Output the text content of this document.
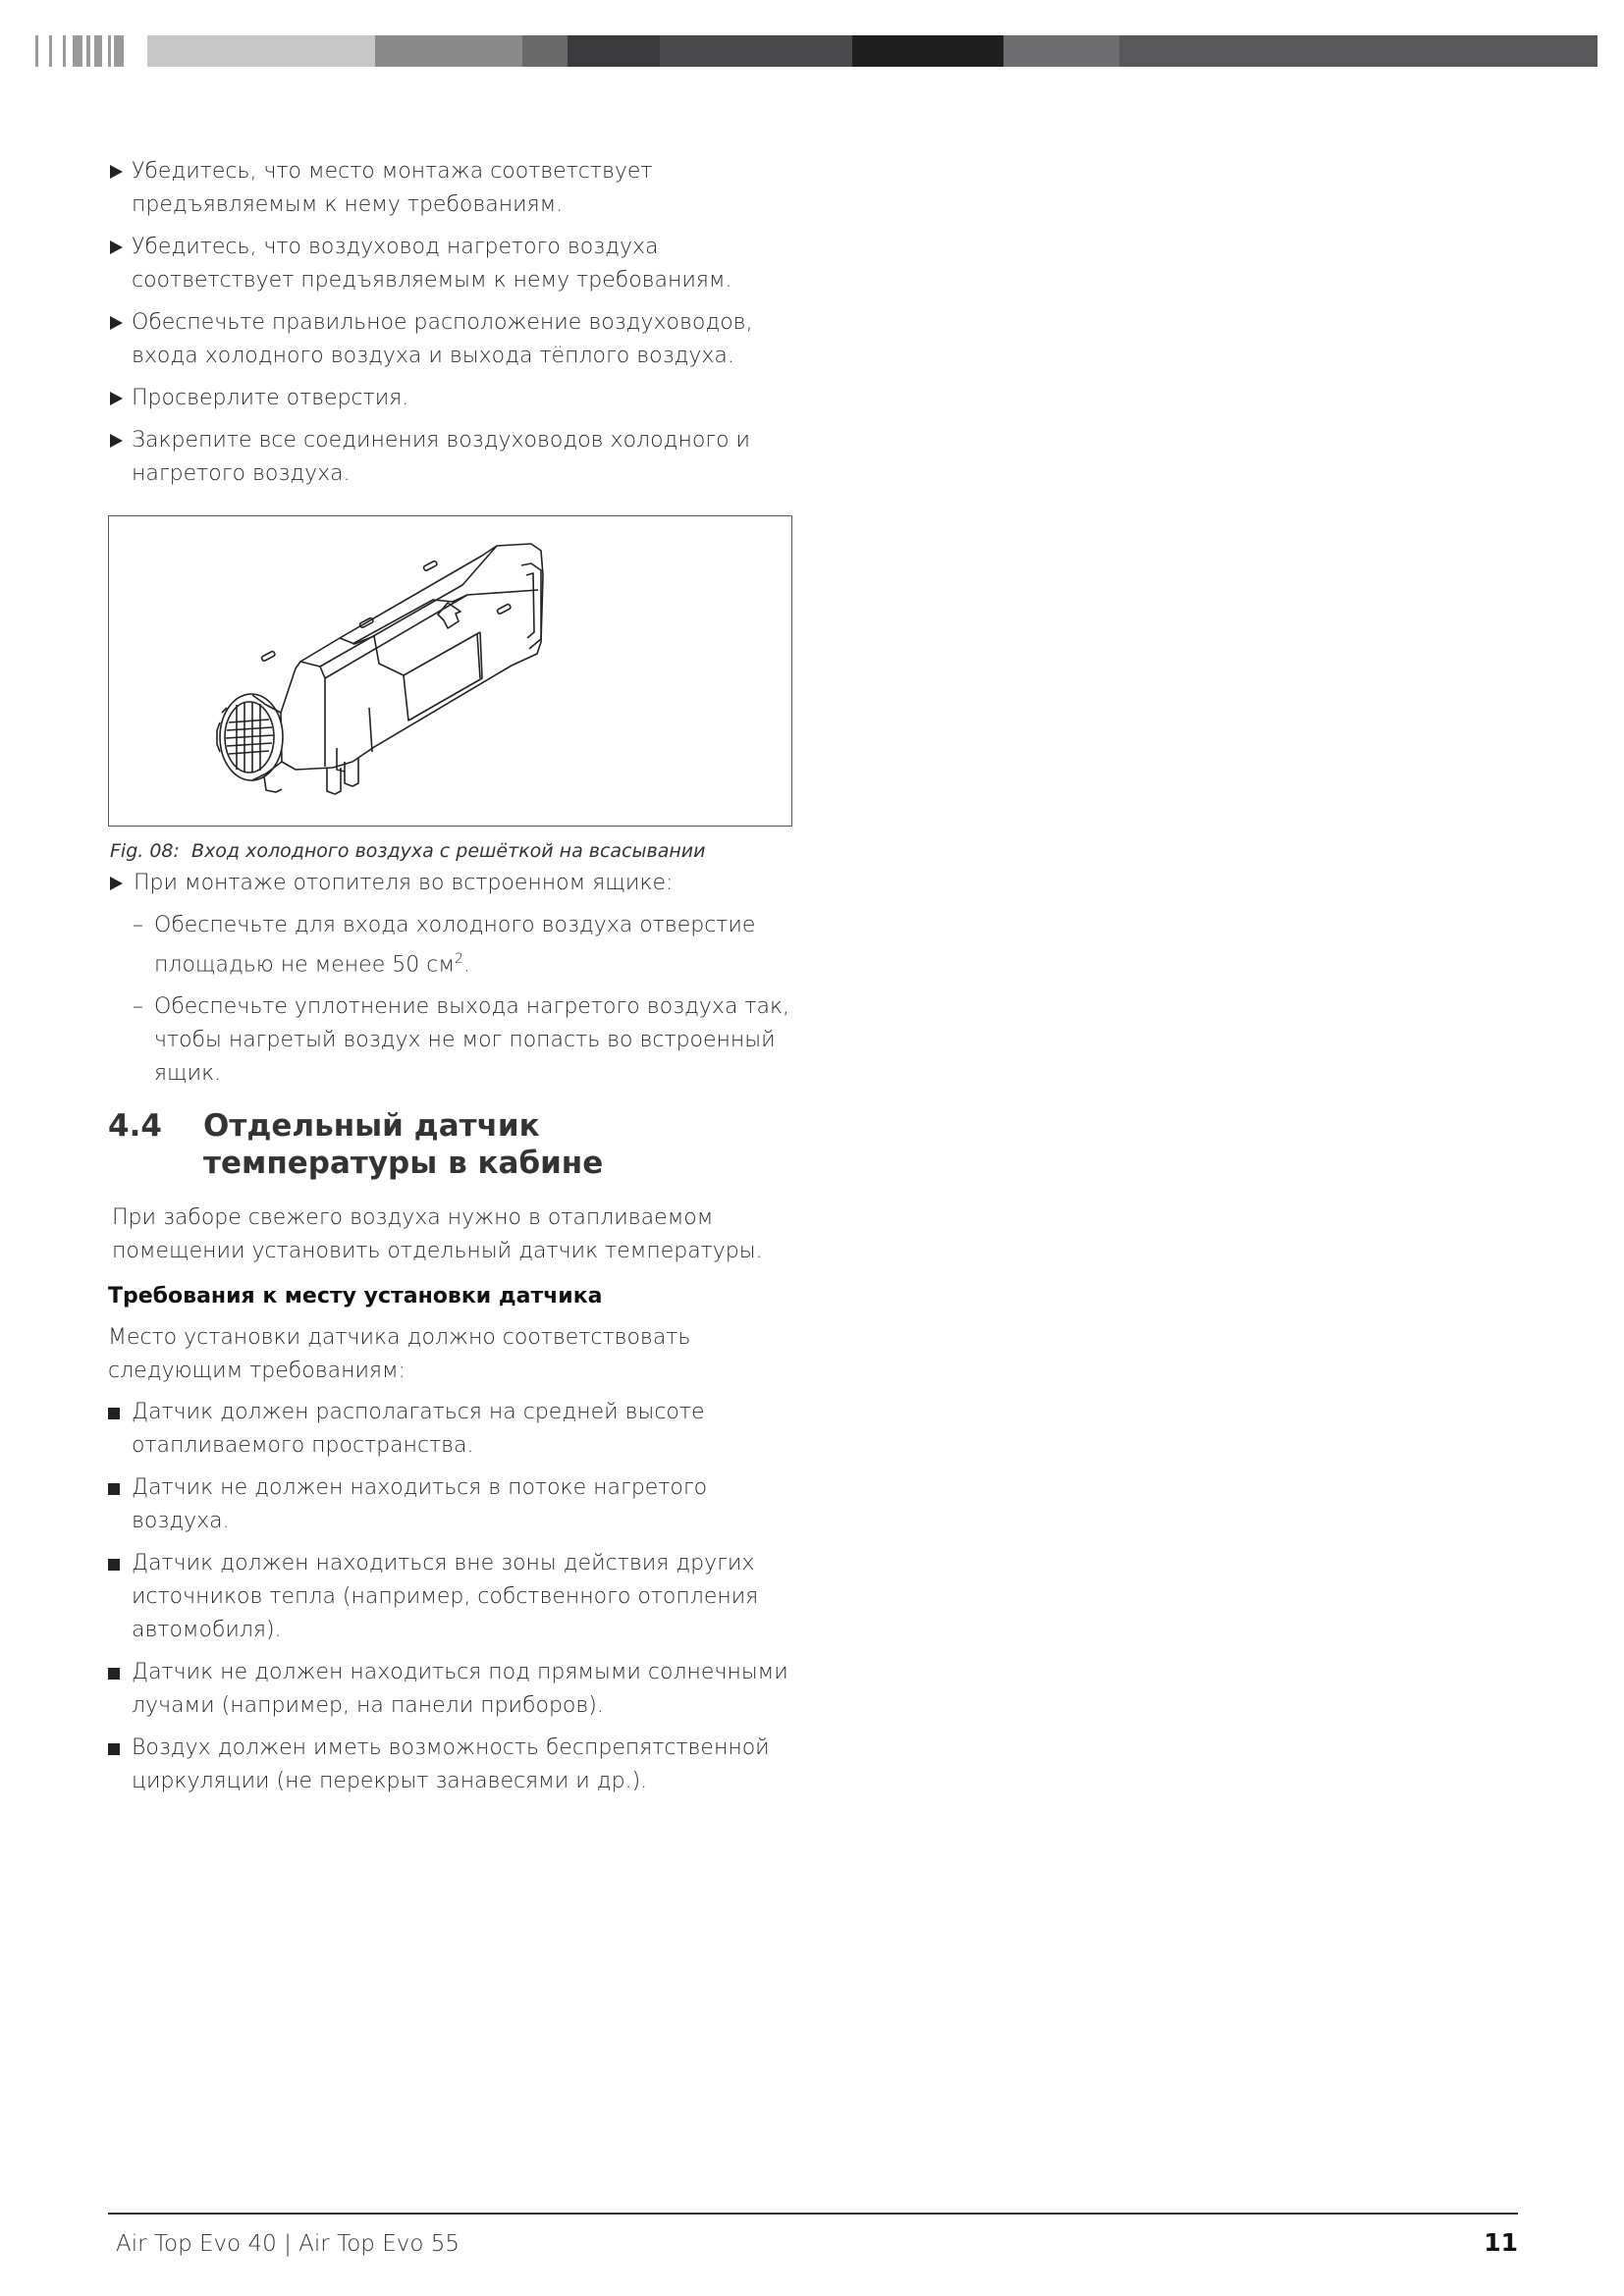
Убедитесь, что место монтажа соответствует предъявляемым к нему требованиям.
Убедитесь, что воздуховод нагретого воздуха соответствует предъявляемым к нему требованиям.
Обеспечьте правильное расположение воздуховодов, входа холодного воздуха и выхода тёплого воздуха.
Просверлите отверстия.
Закрепите все соединения воздуховодов холодного и нагретого воздуха.
Fig. 08: Вход холодного воздуха с решёткой на всасывании
При монтаже отопителя во встроенном ящике:
– Обеспечьте для входа холодного воздуха отверстие площадью не менее 50 $см^2$.
– Обеспечьте уплотнение выхода нагретого воздуха так, чтобы нагретый воздух не мог попасть во встроенный ящик.
4.4 Отдельный датчик температуры в кабине

При заборе свежего воздуха нужно в отапливаемом помещении установить отдельный датчик температуры.

Требования к месту установки датчика

Место установки датчика должно соответствовать следующим требованиям:

Датчик должен располагаться на средней высоте отапливаемого пространства.
Датчик не должен находиться в потоке нагретого воздуха.
Датчик должен находиться вне зоны действия других источников тепла (например, собственного отопления автомобиля).
Датчик не должен находиться под прямыми солнечными лучами (например, на панели приборов).
Воздух должен иметь возможность беспрепятственной циркуляции (не перекрыт занавесями и др.).
Air Top Evo 40 | Air Top Evo 55	11
